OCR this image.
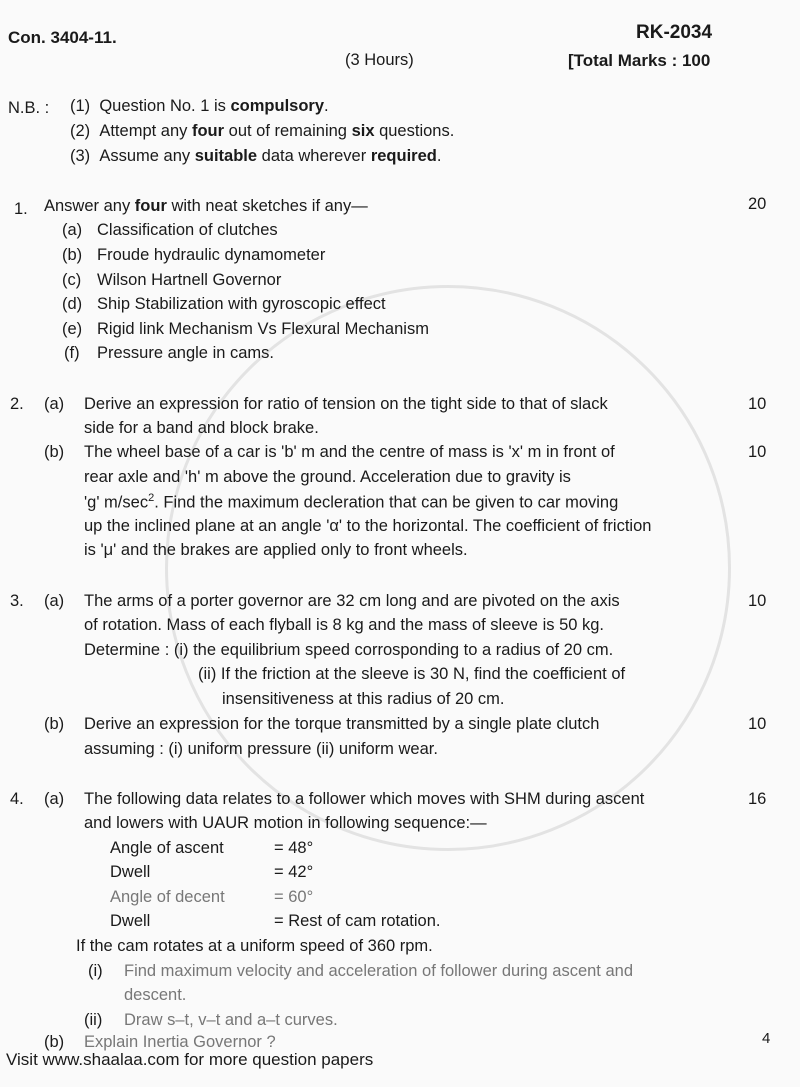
Con. 3404-11.	RK-2034
(3 Hours)	[Total Marks : 100
N.B. : (1) Question No. 1 is compulsory.
(2) Attempt any four out of remaining six questions.
(3) Assume any suitable data wherever required.
1. Answer any four with neat sketches if any—	20
(a) Classification of clutches
(b) Froude hydraulic dynamometer
(c) Wilson Hartnell Governor
(d) Ship Stabilization with gyroscopic effect
(e) Rigid link Mechanism Vs Flexural Mechanism
(f) Pressure angle in cams.
2. (a) Derive an expression for ratio of tension on the tight side to that of slack
side for a band and block brake.
10
(b) The wheel base of a car is 'b' m and the centre of mass is 'x' m in front of
rear axle and 'h' m above the ground. Acceleration due to gravity is
'g' $m/\sec^2$. Find the maximum decleration that can be given to car moving
up the inclined plane at an angle 'α' to the horizontal. The coefficient of friction
is 'μ' and the brakes are applied only to front wheels.
10
3. (a) The arms of a porter governor are 32 cm long and are pivoted on the axis
of rotation. Mass of each flyball is 8 kg and the mass of sleeve is 50 kg.
Determine : (i) the equilibrium speed corrosponding to a radius of 20 cm.
(ii) If the friction at the sleeve is 30 N, find the coefficient of
insensitiveness at this radius of 20 cm.
10
(b) Derive an expression for the torque transmitted by a single plate clutch
assuming : (i) uniform pressure (ii) uniform wear.
10
4. (a) The following data relates to a follower which moves with SHM during ascent
and lowers with UAUR motion in following sequence:—
16
Angle of ascent	= 48°
Dwell	= 42°
Angle of decent	= 60°
Dwell	= Rest of cam rotation.
If the cam rotates at a uniform speed of 360 rpm.
(i) Find maximum velocity and acceleration of follower during ascent and
descent.
(ii) Draw s–t, v–t and a–t curves.
(b) Explain Inertia Governor ?	4
Visit www.shaalaa.com for more question papers
